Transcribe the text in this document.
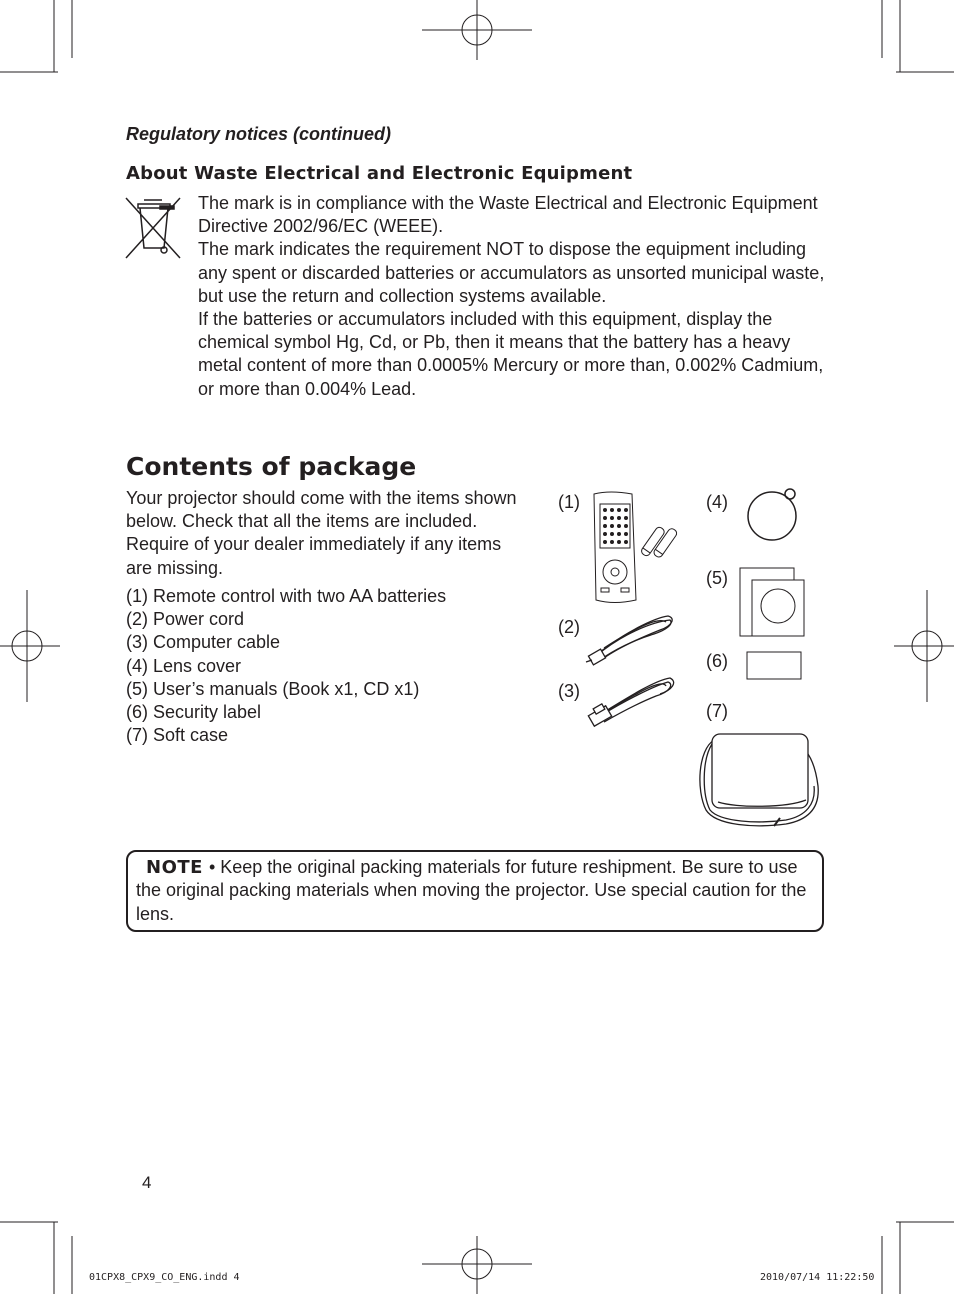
Regulatory notices (continued)
About Waste Electrical and Electronic Equipment

The mark is in compliance with the Waste Electrical and Electronic Equipment Directive 2002/96/EC (WEEE).

The mark indicates the requirement NOT to dispose the equipment including any spent or discarded batteries or accumulators as unsorted municipal waste, but use the return and collection systems available.

If the batteries or accumulators included with this equipment, display the chemical symbol Hg, Cd, or Pb, then it means that the battery has a heavy metal content of more than 0.0005% Mercury or more than, 0.002% Cadmium, or more than 0.004% Lead.

Contents of package
Your projector should come with the items shown below. Check that all the items are included. Require of your dealer immediately if any items are missing.
(1) Remote control with two AA batteries
(2) Power cord
(3) Computer cable
(4) Lens cover
(5) User’s manuals (Book x1, CD x1)
(6) Security label
(7) Soft case
(1)
(2)
(3)
(4)
(5)
(6)
(7)
NOTE • Keep the original packing materials for future reshipment. Be sure to use the original packing materials when moving the projector. Use special caution for the lens.
4
01CPX8_CPX9_CO_ENG.indd 4	2010/07/14 11:22:50
